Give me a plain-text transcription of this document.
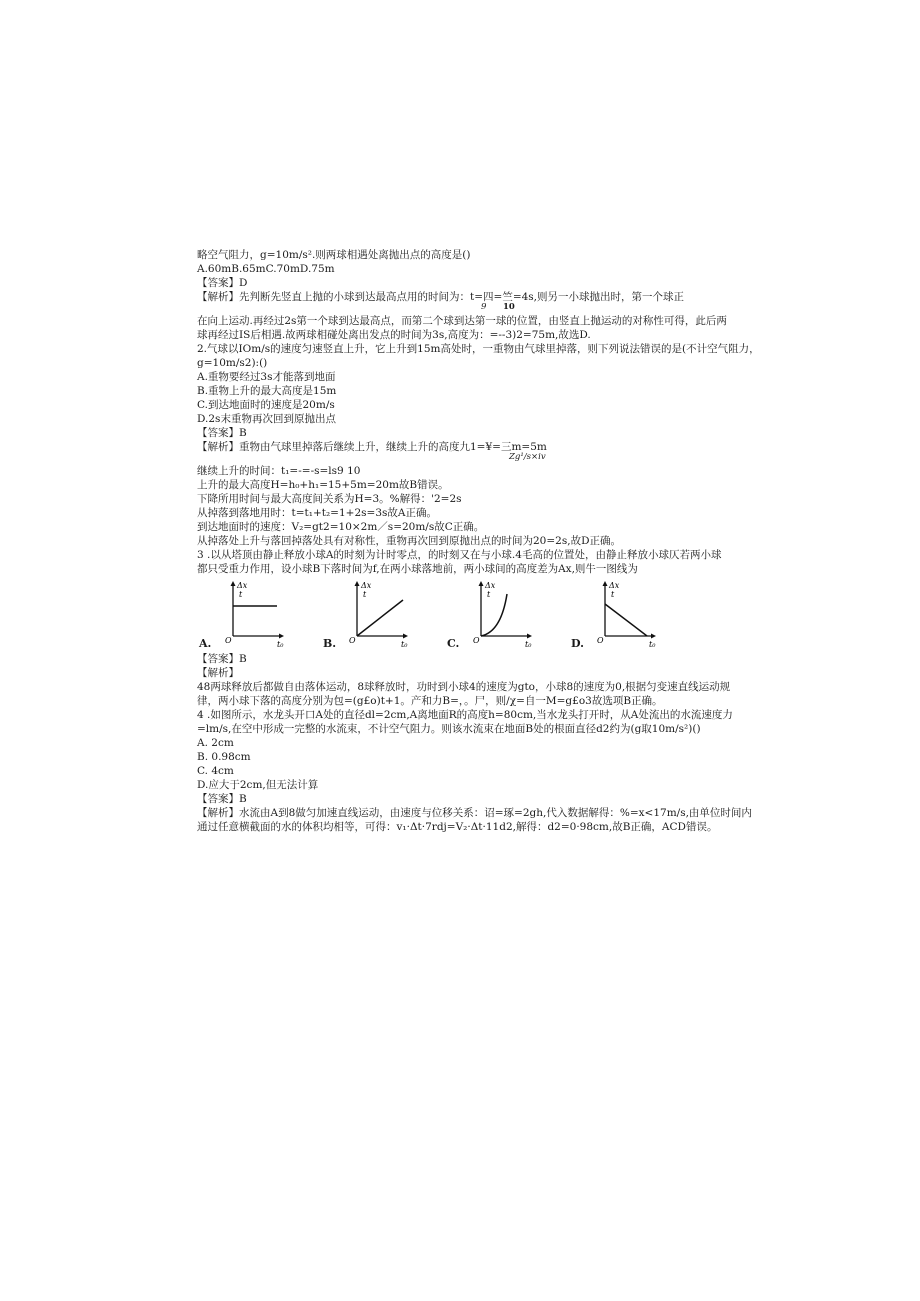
略空气阻力，g=10m/s².则两球相遇处离抛出点的高度是()

A.60mB.65mC.70mD.75m

【答案】D

【解析】先判断先竖直上抛的小球到达最高点用的时间为：t=四=竺=4s,则另一小球抛出时，第一个球正

9 10

在向上运动.再经过2s第一个球到达最高点，而第二个球到达第一球的位置，由竖直上抛运动的对称性可得，此后两

球再经过IS后相遇.故两球相碰处离出发点的时间为3s,高度为：=--3)2=75m,故选D.

2.气球以IOm/s的速度匀速竖直上升，它上升到15m高处时，一重物由气球里掉落，则下列说法错误的是(不计空气阻力，

g=10m/s2):()

A.重物要经过3s才能落到地面

B.重物上升的最大高度是15m

C.到达地面时的速度是20m/s

D.2s末重物再次回到原抛出点

【答案】B

【解析】重物由气球里掉落后继续上升，继续上升的高度九1=¥=三m=5m

Zg¹/s×iv

继续上升的时间：t₁=-=-s=ls9 10

上升的最大高度H=h₀+h₁=15+5m=20m故B错误。

下降所用时间与最大高度间关系为H=3。%解得：'2=2s

从掉落到落地用时：t=t₁+t₂=1+2s=3s故A正确。

到达地面时的速度：V₂=gt2=10×2m／s=20m/s故C正确。

从掉落处上升与落回掉落处具有对称性，重物再次回到原抛出点的时间为20=2s,故D正确。

3 .以从塔顶由静止释放小球A的时刻为计时零点，的时刻又在与小球.4毛高的位置处，由静止释放小球仄若两小球

都只受重力作用，设小球B下落时间为f,在两小球落地前，两小球间的高度差为Ax,则牛一图线为

A.
Δx
t
O	t₀	B.
Δx
t
O	t₀	C.
Δx
t
O	t₀	D.
Δx
t
O	t₀

【答案】B

【解析】

48两球释放后都做自由落体运动，8球释放时，功时到小球4的速度为gto，小球8的速度为0,根据匀变速直线运动规

律，两小球下落的高度分别为包=(g£o)t+1。产和力B=，。尸，则/χ=自一M=g£o3故选项B正确。

4 .如图所示，水龙头开口A处的直径dl=2cm,A离地面R的高度h=80cm,当水龙头打开时，从A处流出的水流速度力

=lm/s,在空中形成一完整的水流束，不计空气阻力。则该水流束在地面B处的根面直径d2约为(g取10m/s²)()

A. 2cm

B. 0.98cm

C. 4cm

D.应大于2cm,但无法计算

【答案】B

【解析】水流由A到8做匀加速直线运动，由速度与位移关系：诏=琢=2gh,代入数据解得：%=x<17m/s,由单位时间内

通过任意横截面的水的体积均相等，可得：v₁·Δt·7rdj=V₂·Δt·11d2,解得：d2=0·98cm,故B正确，ACD错误。
